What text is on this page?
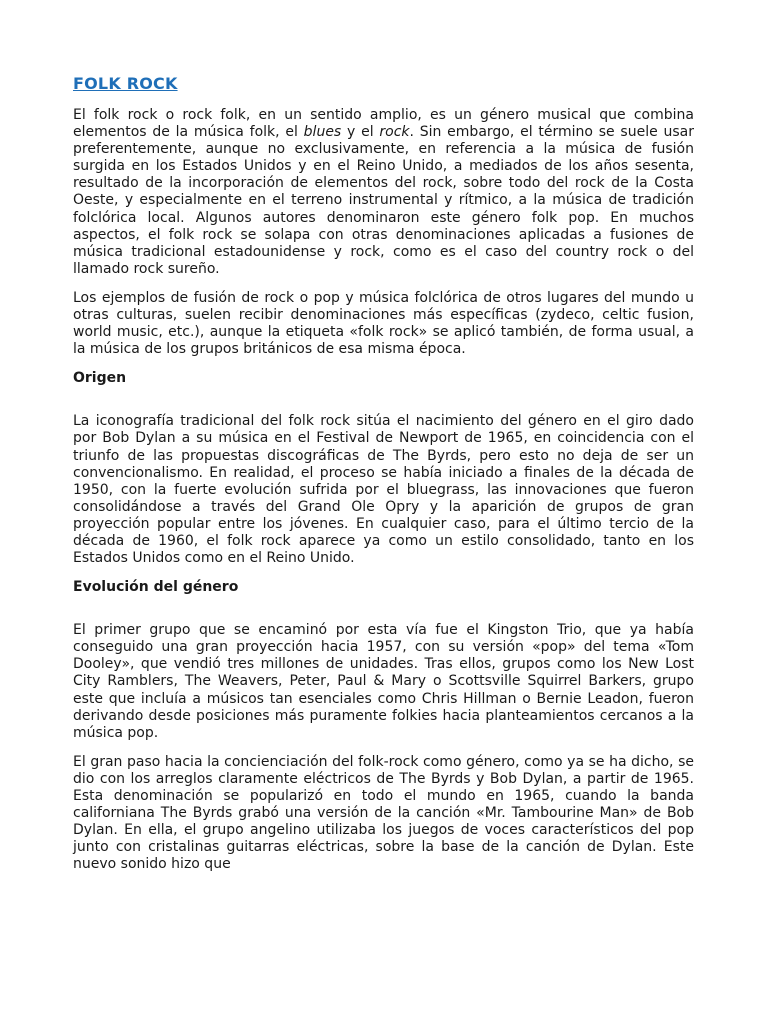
FOLK ROCK

El folk rock o rock folk, en un sentido amplio, es un género musical que combina elementos de la música folk, el blues y el rock. Sin embargo, el término se suele usar preferentemente, aunque no exclusivamente, en referencia a la música de fusión surgida en los Estados Unidos y en el Reino Unido, a mediados de los años sesenta, resultado de la incorporación de elementos del rock, sobre todo del rock de la Costa Oeste, y especialmente en el terreno instrumental y rítmico, a la música de tradición folclórica local. Algunos autores denominaron este género folk pop. En muchos aspectos, el folk rock se solapa con otras denominaciones aplicadas a fusiones de música tradicional estadounidense y rock, como es el caso del country rock o del llamado rock sureño.

Los ejemplos de fusión de rock o pop y música folclórica de otros lugares del mundo u otras culturas, suelen recibir denominaciones más específicas (zydeco, celtic fusion, world music, etc.), aunque la etiqueta «folk rock» se aplicó también, de forma usual, a la música de los grupos británicos de esa misma época.

Origen

La iconografía tradicional del folk rock sitúa el nacimiento del género en el giro dado por Bob Dylan a su música en el Festival de Newport de 1965, en coincidencia con el triunfo de las propuestas discográficas de The Byrds, pero esto no deja de ser un convencionalismo. En realidad, el proceso se había iniciado a finales de la década de 1950, con la fuerte evolución sufrida por el bluegrass, las innovaciones que fueron consolidándose a través del Grand Ole Opry y la aparición de grupos de gran proyección popular entre los jóvenes. En cualquier caso, para el último tercio de la década de 1960, el folk rock aparece ya como un estilo consolidado, tanto en los Estados Unidos como en el Reino Unido.

Evolución del género

El primer grupo que se encaminó por esta vía fue el Kingston Trio, que ya había conseguido una gran proyección hacia 1957, con su versión «pop» del tema «Tom Dooley», que vendió tres millones de unidades. Tras ellos, grupos como los New Lost City Ramblers, The Weavers, Peter, Paul & Mary o Scottsville Squirrel Barkers, grupo este que incluía a músicos tan esenciales como Chris Hillman o Bernie Leadon, fueron derivando desde posiciones más puramente folkies hacia planteamientos cercanos a la música pop.

El gran paso hacia la concienciación del folk-rock como género, como ya se ha dicho, se dio con los arreglos claramente eléctricos de The Byrds y Bob Dylan, a partir de 1965. Esta denominación se popularizó en todo el mundo en 1965, cuando la banda californiana The Byrds grabó una versión de la canción «Mr. Tambourine Man» de Bob Dylan. En ella, el grupo angelino utilizaba los juegos de voces característicos del pop junto con cristalinas guitarras eléctricas, sobre la base de la canción de Dylan. Este nuevo sonido hizo que
